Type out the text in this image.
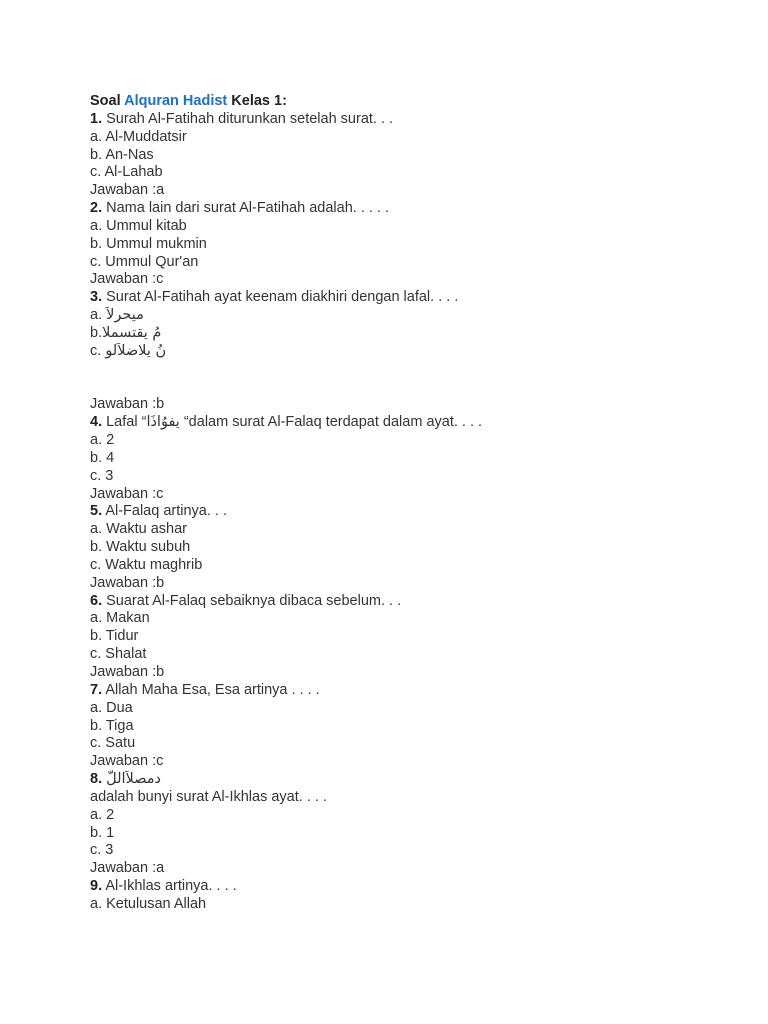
Soal Alquran Hadist Kelas 1:
1. Surah Al-Fatihah diturunkan setelah surat. . .
a. Al-Muddatsir
b. An-Nas
c. Al-Lahab
Jawaban :a
2. Nama lain dari surat Al-Fatihah adalah. . . . .
a. Ummul kitab
b. Ummul mukmin
c. Ummul Qur'an
Jawaban :c
3. Surat Al-Fatihah ayat keenam diakhiri dengan lafal. . . .
a. ميحرلاَ
b.مُ يقتسملا
c. نُ يلاضلاَلو
Jawaban :b
4. Lafal “يفوُاذَا “dalam surat Al-Falaq terdapat dalam ayat. . . .
a. 2
b. 4
c. 3
Jawaban :c
5. Al-Falaq artinya. . .
a. Waktu ashar
b. Waktu subuh
c. Waktu maghrib
Jawaban :b
6. Suarat Al-Falaq sebaiknya dibaca sebelum. . .
a. Makan
b. Tidur
c. Shalat
Jawaban :b
7. Allah Maha Esa, Esa artinya . . . .
a. Dua
b. Tiga
c. Satu
Jawaban :c
8. دمصلاَاللّ
adalah bunyi surat Al-Ikhlas ayat. . . .
a. 2
b. 1
c. 3
Jawaban :a
9. Al-Ikhlas artinya. . . .
a. Ketulusan Allah
